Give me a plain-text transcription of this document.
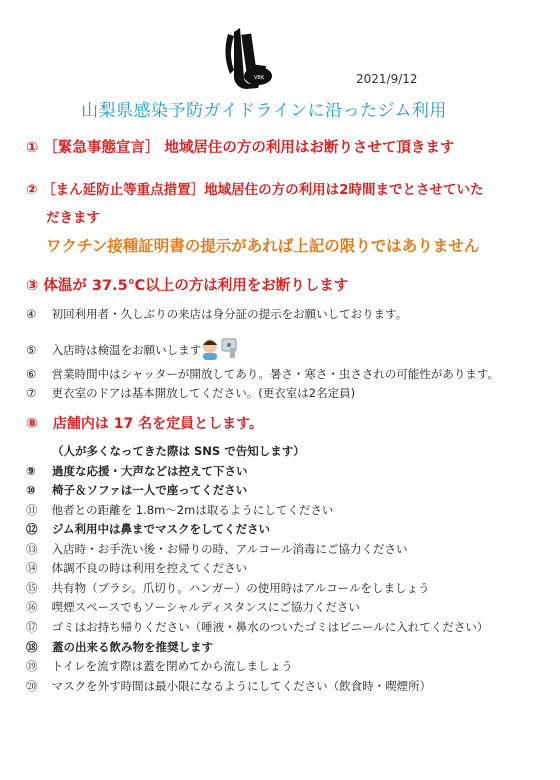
VBK	2021/9/12
山梨県感染予防ガイドラインに沿ったジム利用
① ［緊急事態宣言］ 地域居住の方の利用はお断りさせて頂きます
② ［まん延防止等重点措置］地域居住の方の利用は2時間までとさせていた
だきます
ワクチン接種証明書の提示があれば上記の限りではありません
③ 体温が 37.5℃以上の方は利用をお断りします
④ 初回利用者・久しぶりの来店は身分証の提示をお願いしております。
⑤ 入店時は検温をお願いします
⑥ 営業時間中はシャッターが開放してあり。暑さ・寒さ・虫さされの可能性があります。
⑦ 更衣室のドアは基本開放してください。(更衣室は2名定員)
⑧ 店舗内は 17 名を定員とします。
（人が多くなってきた際は SNS で告知します）
⑨ 過度な応援・大声などは控えて下さい
⑩ 椅子＆ソファは一人で座ってください
⑪ 他者との距離を 1.8m～2mは取るようにしてください
⑫ ジム利用中は鼻までマスクをしてください
⑬ 入店時・お手洗い後・お帰りの時、アルコール消毒にご協力ください
⑭ 体調不良の時は利用を控えてください
⑮ 共有物（ブラシ。爪切り。ハンガー）の使用時はアルコールをしましょう
⑯ 喫煙スペースでもソーシャルディスタンスにご協力ください
⑰ ゴミはお持ち帰りください（唾液・鼻水のついたゴミはビニールに入れてください）
⑱ 蓋の出来る飲み物を推奨します
⑲ トイレを流す際は蓋を閉めてから流しましょう
⑳ マスクを外す時間は最小限になるようにしてください（飲食時・喫煙所）
